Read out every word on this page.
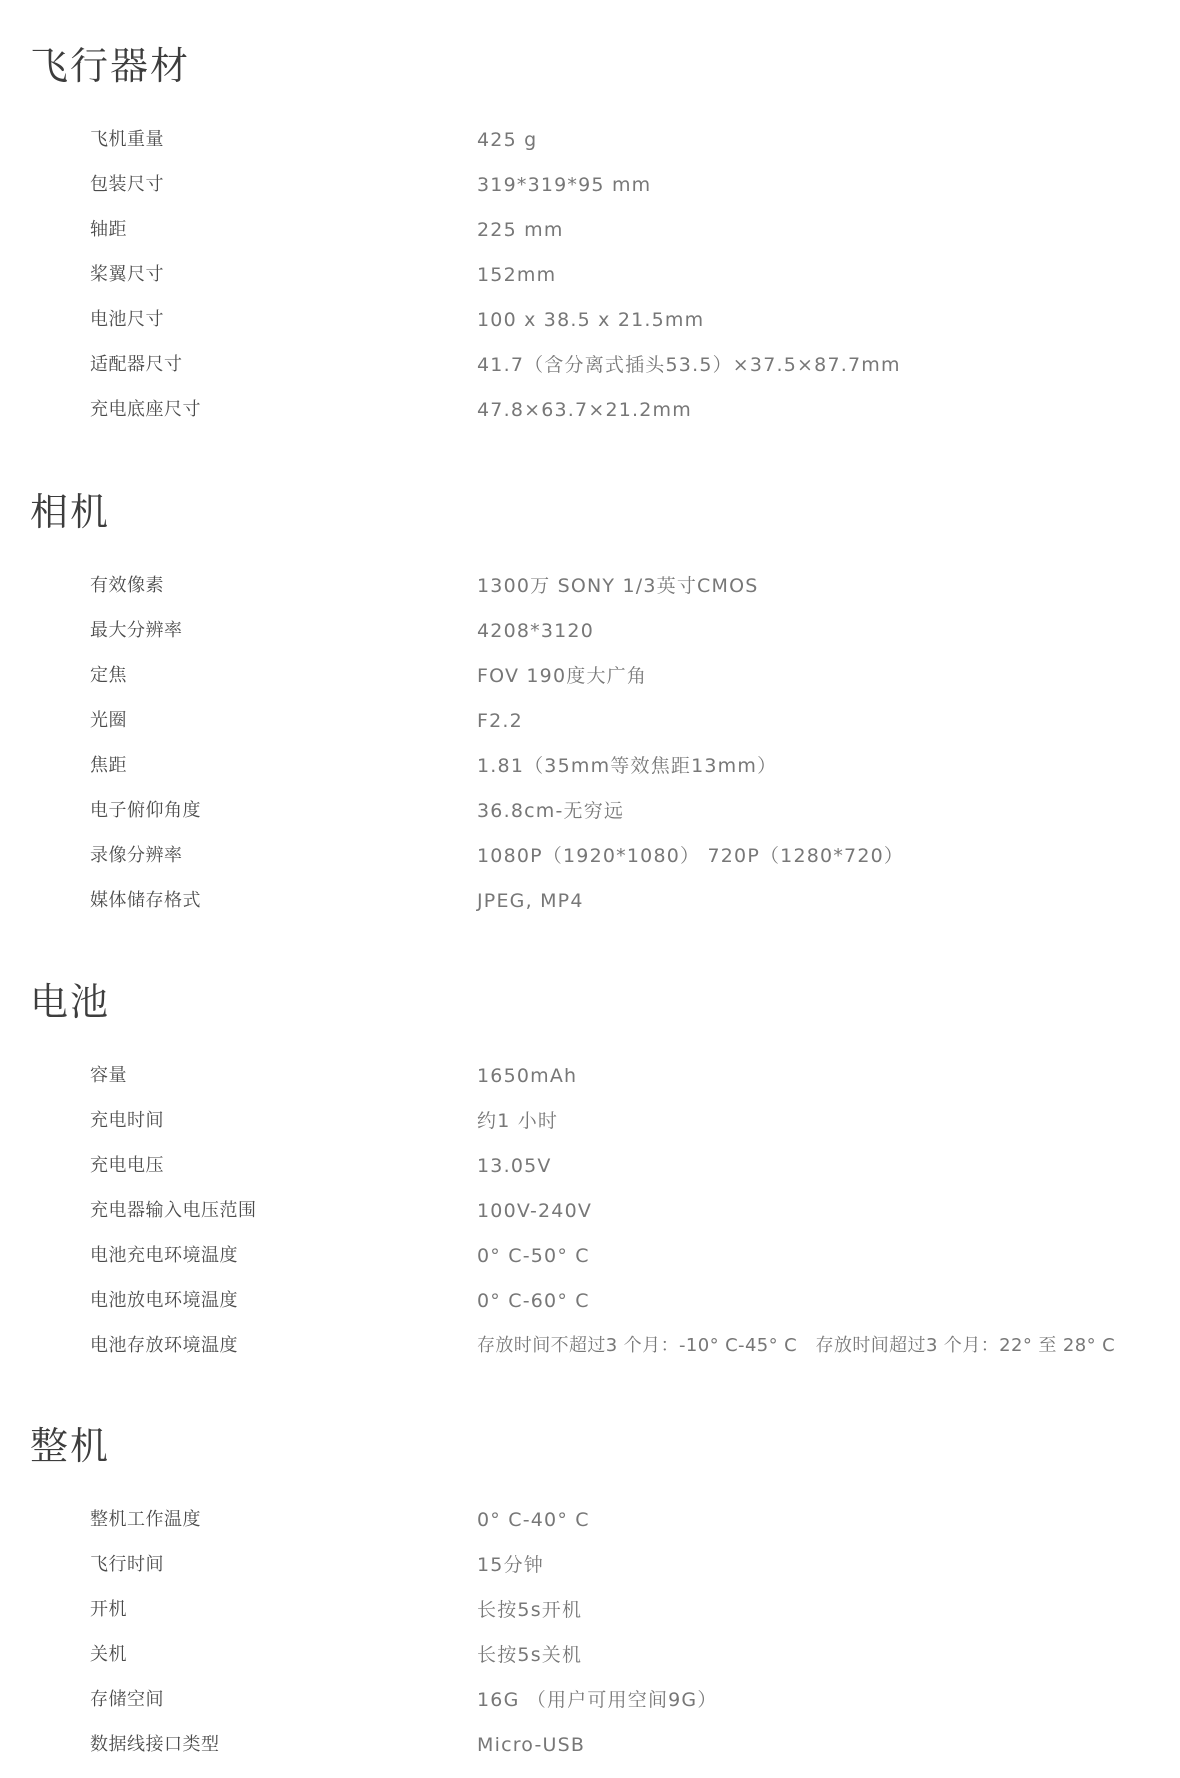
飞行器材
飞机重量	425 g
包装尺寸	319*319*95 mm
轴距	225 mm
桨翼尺寸	152mm
电池尺寸	100 x 38.5 x 21.5mm
适配器尺寸	41.7（含分离式插头53.5）×37.5×87.7mm
充电底座尺寸	47.8×63.7×21.2mm
相机
有效像素	1300万 SONY 1/3英寸CMOS
最大分辨率	4208*3120
定焦	FOV 190度大广角
光圈	F2.2
焦距	1.81（35mm等效焦距13mm）
电子俯仰角度	36.8cm-无穷远
录像分辨率	1080P（1920*1080） 720P（1280*720）
媒体储存格式	JPEG, MP4
电池
容量	1650mAh
充电时间	约1 小时
充电电压	13.05V
充电器输入电压范围	100V-240V
电池充电环境温度	0° C-50° C
电池放电环境温度	0° C-60° C
电池存放环境温度	存放时间不超过3 个月：-10° C-45° C　存放时间超过3 个月：22° 至 28° C
整机
整机工作温度	0° C-40° C
飞行时间	15分钟
开机	长按5s开机
关机	长按5s关机
存储空间	16G （用户可用空间9G）
数据线接口类型	Micro-USB
